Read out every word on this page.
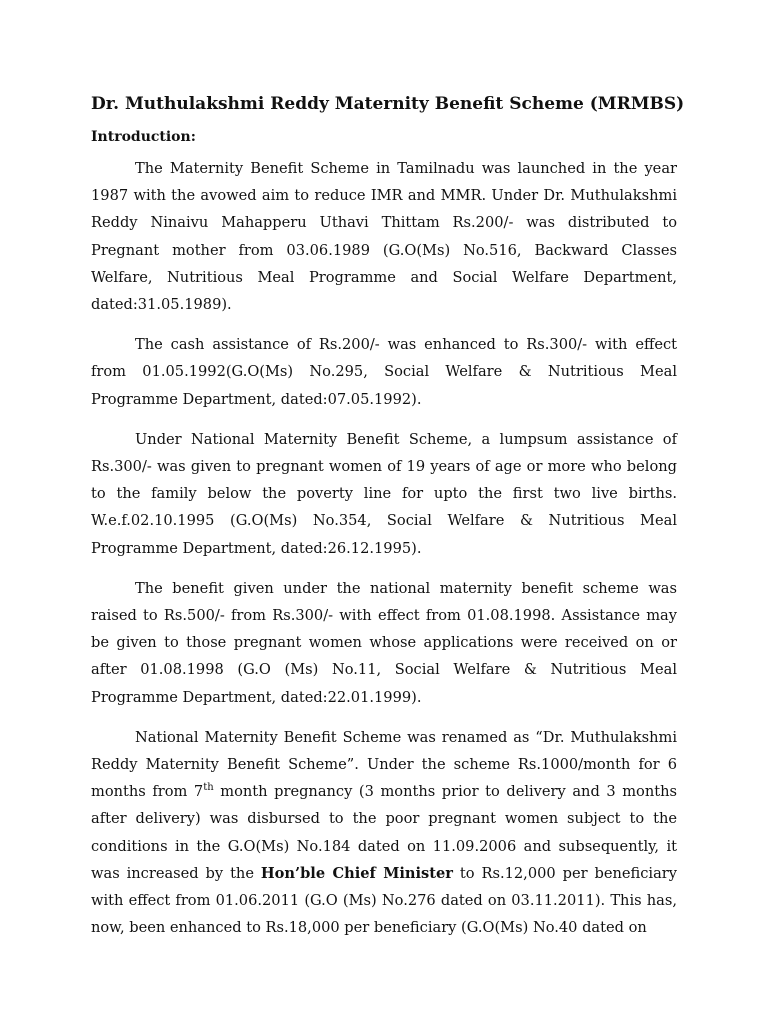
Dr. Muthulakshmi Reddy Maternity Benefit Scheme (MRMBS)
Introduction:

The Maternity Benefit Scheme in Tamilnadu was launched in the year 1987 with the avowed aim to reduce IMR and MMR. Under Dr. Muthulakshmi Reddy Ninaivu Mahapperu Uthavi Thittam Rs.200/- was distributed to Pregnant mother from 03.06.1989 (G.O(Ms) No.516, Backward Classes Welfare, Nutritious Meal Programme and Social Welfare Department, dated:31.05.1989).

The cash assistance of Rs.200/- was enhanced to Rs.300/- with effect from 01.05.1992(G.O(Ms) No.295, Social Welfare & Nutritious Meal Programme Department, dated:07.05.1992).

Under National Maternity Benefit Scheme, a lumpsum assistance of Rs.300/- was given to pregnant women of 19 years of age or more who belong to the family below the poverty line for upto the first two live births. W.e.f.02.10.1995 (G.O(Ms) No.354, Social Welfare & Nutritious Meal Programme Department, dated:26.12.1995).

The benefit given under the national maternity benefit scheme was raised to Rs.500/- from Rs.300/- with effect from 01.08.1998. Assistance may be given to those pregnant women whose applications were received on or after 01.08.1998 (G.O (Ms) No.11, Social Welfare & Nutritious Meal Programme Department, dated:22.01.1999).

National Maternity Benefit Scheme was renamed as “Dr. Muthulakshmi Reddy Maternity Benefit Scheme”. Under the scheme Rs.1000/month for 6 months from 7th month pregnancy (3 months prior to delivery and 3 months after delivery) was disbursed to the poor pregnant women subject to the conditions in the G.O(Ms) No.184 dated on 11.09.2006 and subsequently, it was increased by the Hon’ble Chief Minister to Rs.12,000 per beneficiary with effect from 01.06.2011 (G.O (Ms) No.276 dated on 03.11.2011). This has, now, been enhanced to Rs.18,000 per beneficiary (G.O(Ms) No.40 dated on
